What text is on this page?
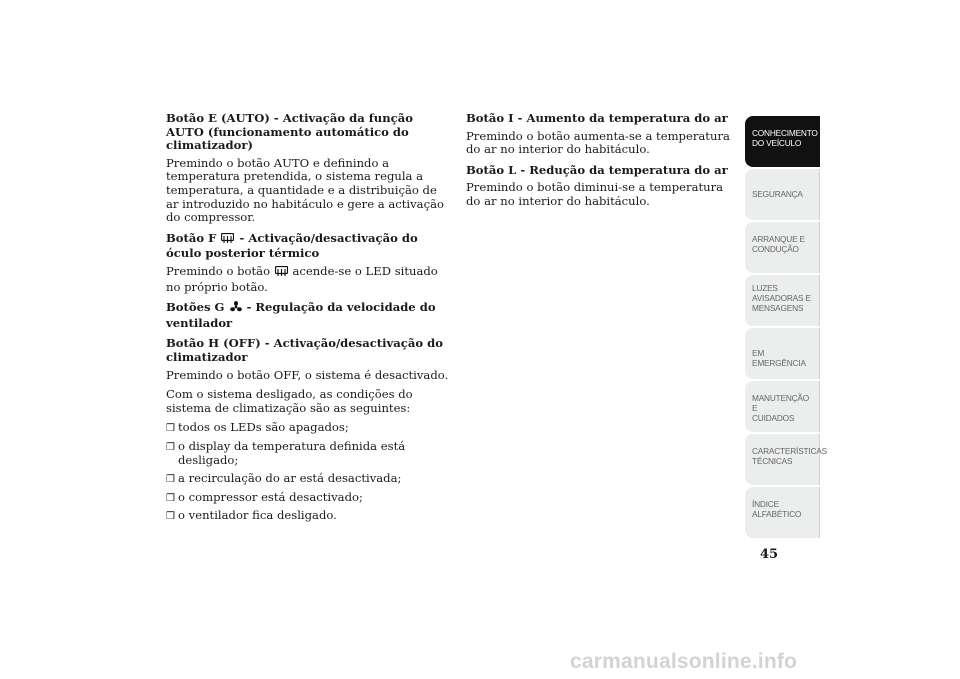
Botão E (AUTO) - Activação da função AUTO (funcionamento automático do climatizador)

Premindo o botão AUTO e definindo a temperatura pretendida, o sistema regula a temperatura, a quantidade e a distribuição de ar introduzido no habitáculo e gere a activação do compressor.

Botão F - Activação/desactivação do óculo posterior térmico

Premindo o botão acende-se o LED situado no próprio botão.

Botões G - Regulação da velocidade do ventilador
Botão H (OFF) - Activação/desactivação do climatizador

Premindo o botão OFF, o sistema é desactivado.

Com o sistema desligado, as condições do sistema de climatização são as seguintes:

❒ todos os LEDs são apagados;
❒ o display da temperatura definida está desligado;
❒ a recirculação do ar está desactivada;
❒ o compressor está desactivado;
❒ o ventilador fica desligado.
Botão I - Aumento da temperatura do ar

Premindo o botão aumenta-se a temperatura do ar no interior do habitáculo.

Botão L - Redução da temperatura do ar

Premindo o botão diminui-se a temperatura do ar no interior do habitáculo.

CONHECIMENTO
DO VEÍCULO
SEGURANÇA
ARRANQUE E
CONDUÇÃO
LUZES
AVISADORAS E
MENSAGENS
EM EMERGÊNCIA
MANUTENÇÃO E
CUIDADOS
CARACTERÍSTICAS
TÉCNICAS
ÍNDICE
ALFABÉTICO
45
carmanualsonline.info
